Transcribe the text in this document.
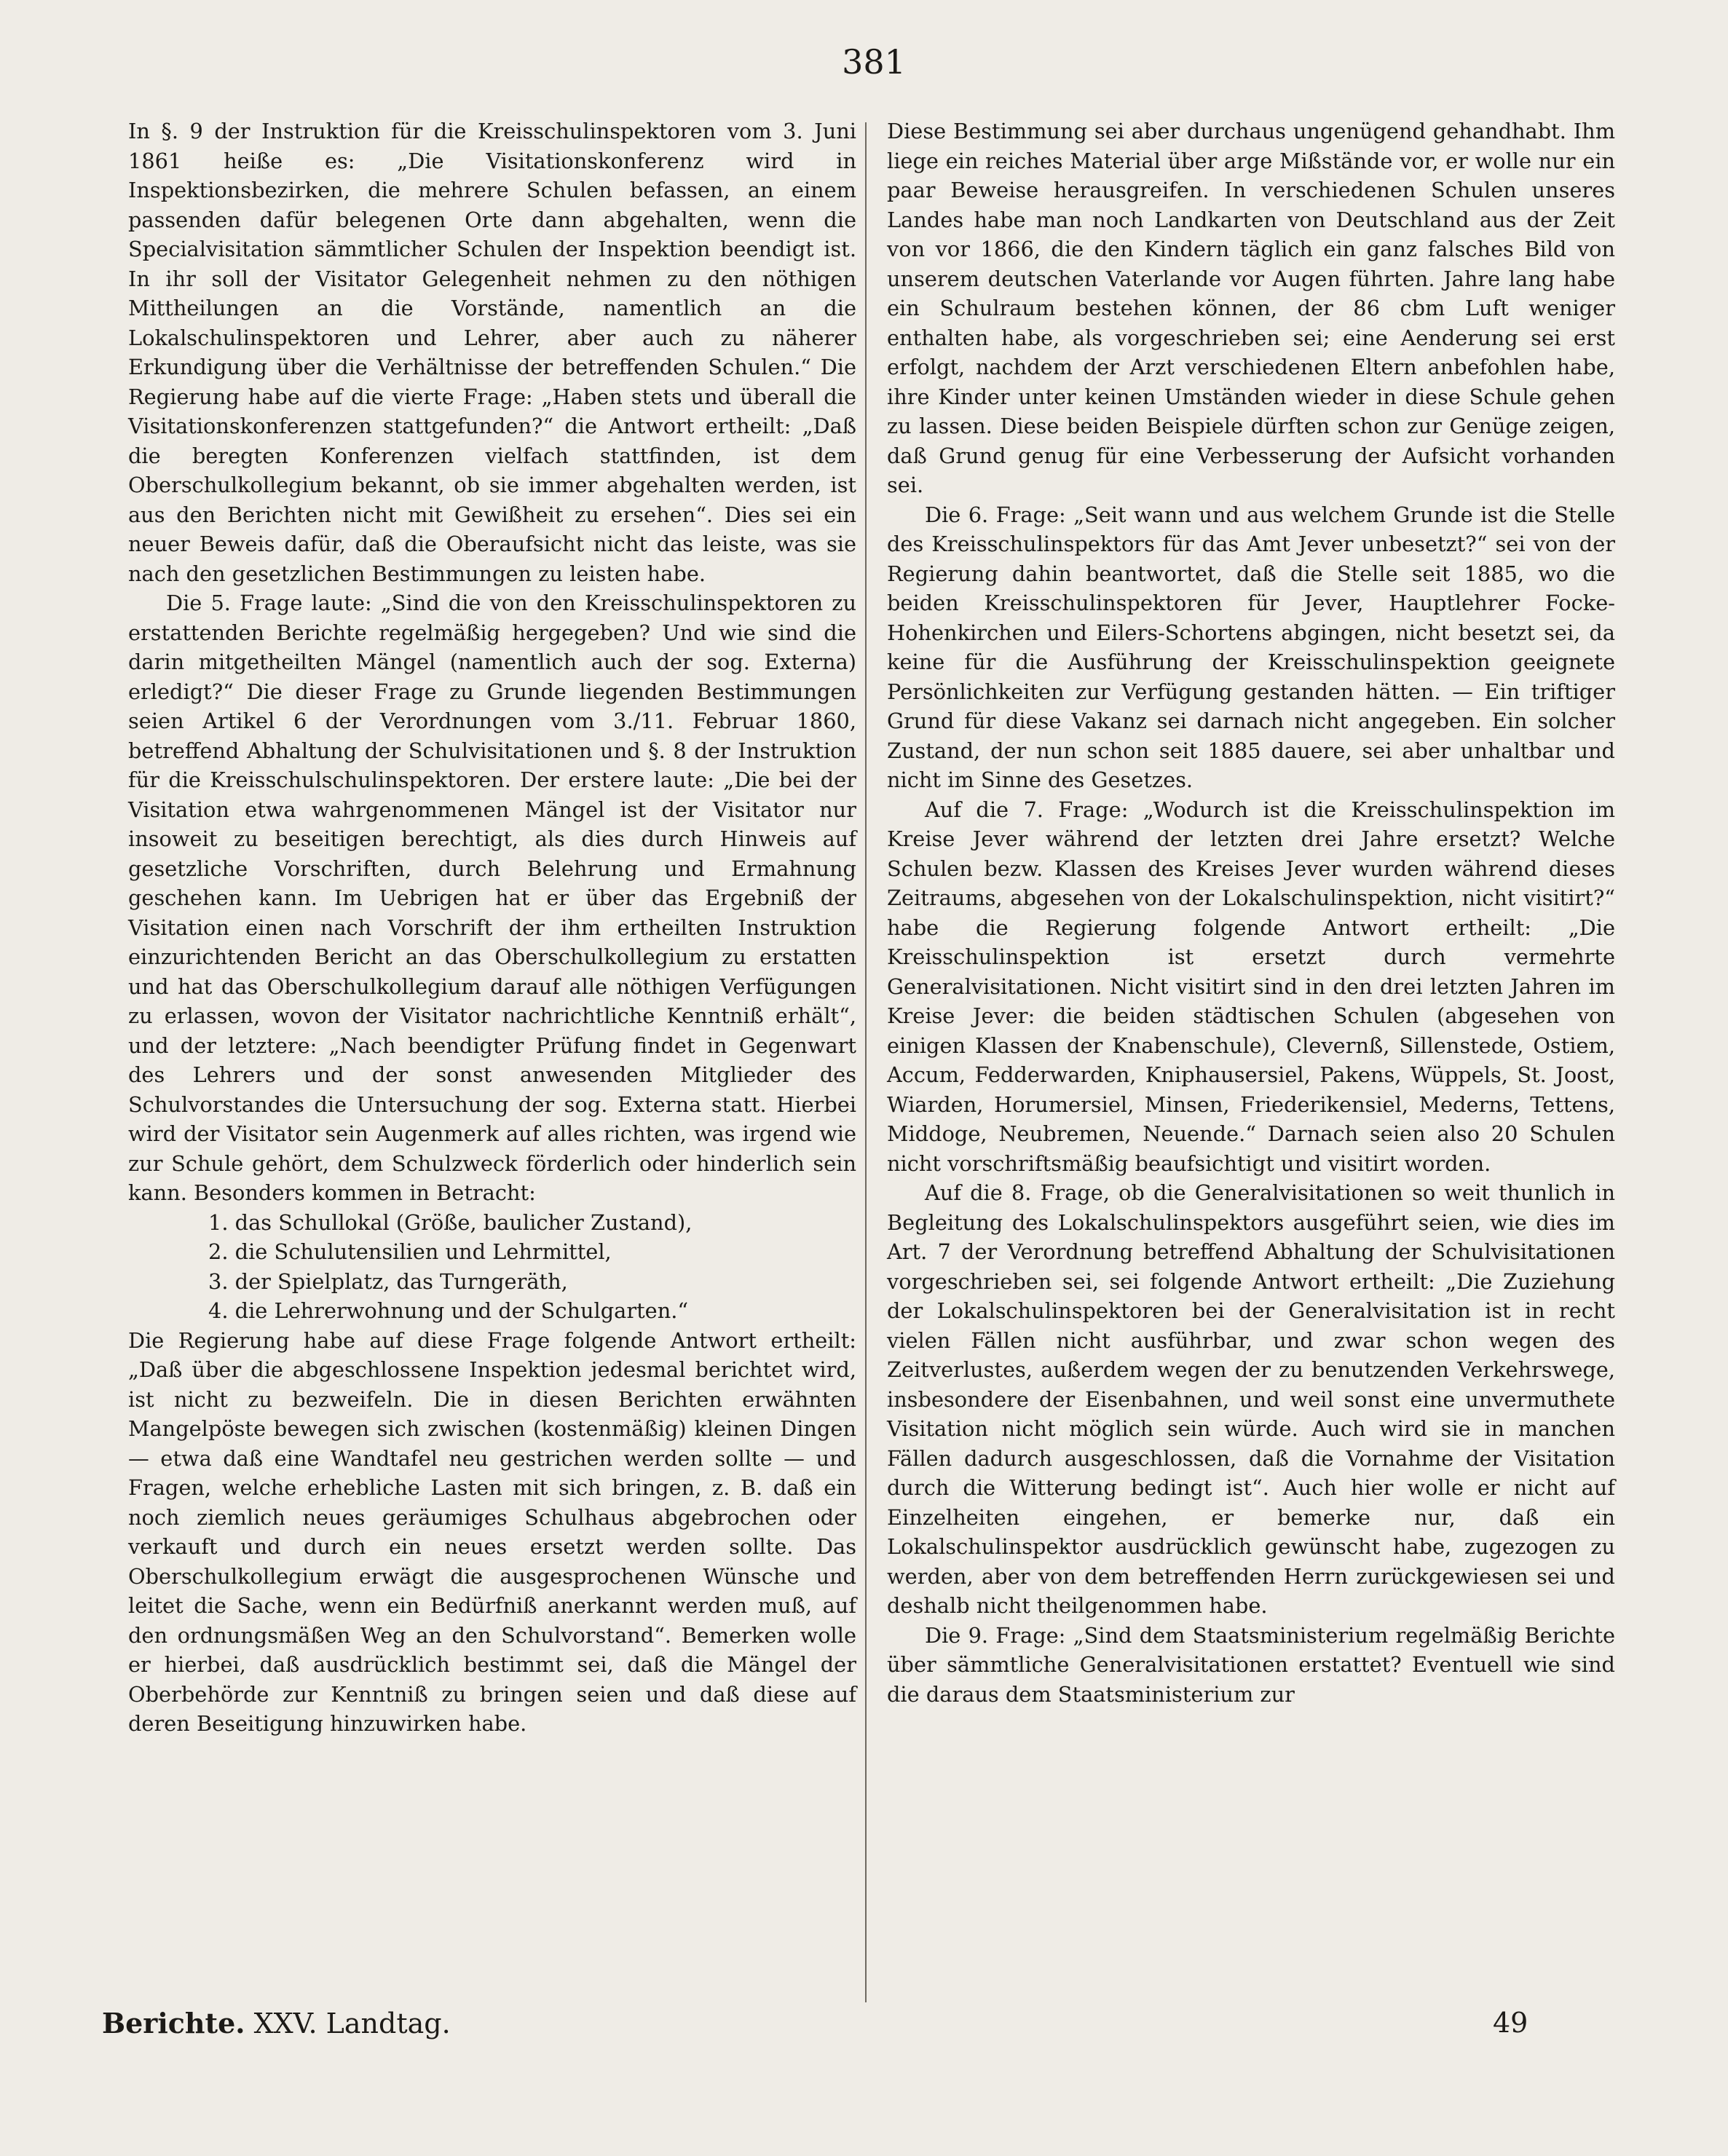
381

In §. 9 der Instruktion für die Kreisschulinspektoren vom 3. Juni 1861 heiße es: „Die Visitationskonferenz wird in Inspektionsbezirken, die mehrere Schulen befassen, an einem passenden dafür belegenen Orte dann abgehalten, wenn die Specialvisitation sämmtlicher Schulen der Inspektion beendigt ist. In ihr soll der Visitator Gelegenheit nehmen zu den nöthigen Mittheilungen an die Vorstände, namentlich an die Lokalschulinspektoren und Lehrer, aber auch zu näherer Erkundigung über die Verhältnisse der betreffenden Schulen.“ Die Regierung habe auf die vierte Frage: „Haben stets und überall die Visitationskonferenzen stattgefunden?“ die Antwort ertheilt: „Daß die beregten Konferenzen vielfach stattfinden, ist dem Oberschulkollegium bekannt, ob sie immer abgehalten werden, ist aus den Berichten nicht mit Gewißheit zu ersehen“. Dies sei ein neuer Beweis dafür, daß die Oberaufsicht nicht das leiste, was sie nach den gesetzlichen Bestimmungen zu leisten habe.

Die 5. Frage laute: „Sind die von den Kreisschulinspektoren zu erstattenden Berichte regelmäßig hergegeben? Und wie sind die darin mitgetheilten Mängel (namentlich auch der sog. Externa) erledigt?“ Die dieser Frage zu Grunde liegenden Bestimmungen seien Artikel 6 der Verordnungen vom 3./11. Februar 1860, betreffend Abhaltung der Schulvisitationen und §. 8 der Instruktion für die Kreisschulschulinspektoren. Der erstere laute: „Die bei der Visitation etwa wahrgenommenen Mängel ist der Visitator nur insoweit zu beseitigen berechtigt, als dies durch Hinweis auf gesetzliche Vorschriften, durch Belehrung und Ermahnung geschehen kann. Im Uebrigen hat er über das Ergebniß der Visitation einen nach Vorschrift der ihm ertheilten Instruktion einzurichtenden Bericht an das Oberschulkollegium zu erstatten und hat das Oberschulkollegium darauf alle nöthigen Verfügungen zu erlassen, wovon der Visitator nachrichtliche Kenntniß erhält“, und der letztere: „Nach beendigter Prüfung findet in Gegenwart des Lehrers und der sonst anwesenden Mitglieder des Schulvorstandes die Untersuchung der sog. Externa statt. Hierbei wird der Visitator sein Augenmerk auf alles richten, was irgend wie zur Schule gehört, dem Schulzweck förderlich oder hinderlich sein kann. Besonders kommen in Betracht:

1. das Schullokal (Größe, baulicher Zustand),
2. die Schulutensilien und Lehrmittel,
3. der Spielplatz, das Turngeräth,
4. die Lehrerwohnung und der Schulgarten.“

Die Regierung habe auf diese Frage folgende Antwort ertheilt: „Daß über die abgeschlossene Inspektion jedesmal berichtet wird, ist nicht zu bezweifeln. Die in diesen Berichten erwähnten Mangelpöste bewegen sich zwischen (kostenmäßig) kleinen Dingen — etwa daß eine Wandtafel neu gestrichen werden sollte — und Fragen, welche erhebliche Lasten mit sich bringen, z. B. daß ein noch ziemlich neues geräumiges Schulhaus abgebrochen oder verkauft und durch ein neues ersetzt werden sollte. Das Oberschulkollegium erwägt die ausgesprochenen Wünsche und leitet die Sache, wenn ein Bedürfniß anerkannt werden muß, auf den ordnungsmäßen Weg an den Schulvorstand“. Bemerken wolle er hierbei, daß ausdrücklich bestimmt sei, daß die Mängel der Oberbehörde zur Kenntniß zu bringen seien und daß diese auf deren Beseitigung hinzuwirken habe.

Diese Bestimmung sei aber durchaus ungenügend gehandhabt. Ihm liege ein reiches Material über arge Mißstände vor, er wolle nur ein paar Beweise herausgreifen. In verschiedenen Schulen unseres Landes habe man noch Landkarten von Deutschland aus der Zeit von vor 1866, die den Kindern täglich ein ganz falsches Bild von unserem deutschen Vaterlande vor Augen führten. Jahre lang habe ein Schulraum bestehen können, der 86 cbm Luft weniger enthalten habe, als vorgeschrieben sei; eine Aenderung sei erst erfolgt, nachdem der Arzt verschiedenen Eltern anbefohlen habe, ihre Kinder unter keinen Umständen wieder in diese Schule gehen zu lassen. Diese beiden Beispiele dürften schon zur Genüge zeigen, daß Grund genug für eine Verbesserung der Aufsicht vorhanden sei.

Die 6. Frage: „Seit wann und aus welchem Grunde ist die Stelle des Kreisschulinspektors für das Amt Jever unbesetzt?“ sei von der Regierung dahin beantwortet, daß die Stelle seit 1885, wo die beiden Kreisschulinspektoren für Jever, Hauptlehrer Focke-Hohenkirchen und Eilers-Schortens abgingen, nicht besetzt sei, da keine für die Ausführung der Kreisschulinspektion geeignete Persönlichkeiten zur Verfügung gestanden hätten. — Ein triftiger Grund für diese Vakanz sei darnach nicht angegeben. Ein solcher Zustand, der nun schon seit 1885 dauere, sei aber unhaltbar und nicht im Sinne des Gesetzes.

Auf die 7. Frage: „Wodurch ist die Kreisschulinspektion im Kreise Jever während der letzten drei Jahre ersetzt? Welche Schulen bezw. Klassen des Kreises Jever wurden während dieses Zeitraums, abgesehen von der Lokalschulinspektion, nicht visitirt?“ habe die Regierung folgende Antwort ertheilt: „Die Kreisschulinspektion ist ersetzt durch vermehrte Generalvisitationen. Nicht visitirt sind in den drei letzten Jahren im Kreise Jever: die beiden städtischen Schulen (abgesehen von einigen Klassen der Knabenschule), Clevernß, Sillenstede, Ostiem, Accum, Fedderwarden, Kniphausersiel, Pakens, Wüppels, St. Joost, Wiarden, Horumersiel, Minsen, Friederikensiel, Mederns, Tettens, Middoge, Neubremen, Neuende.“ Darnach seien also 20 Schulen nicht vorschriftsmäßig beaufsichtigt und visitirt worden.

Auf die 8. Frage, ob die Generalvisitationen so weit thunlich in Begleitung des Lokalschulinspektors ausgeführt seien, wie dies im Art. 7 der Verordnung betreffend Abhaltung der Schulvisitationen vorgeschrieben sei, sei folgende Antwort ertheilt: „Die Zuziehung der Lokalschulinspektoren bei der Generalvisitation ist in recht vielen Fällen nicht ausführbar, und zwar schon wegen des Zeitverlustes, außerdem wegen der zu benutzenden Verkehrswege, insbesondere der Eisenbahnen, und weil sonst eine unvermuthete Visitation nicht möglich sein würde. Auch wird sie in manchen Fällen dadurch ausgeschlossen, daß die Vornahme der Visitation durch die Witterung bedingt ist“. Auch hier wolle er nicht auf Einzelheiten eingehen, er bemerke nur, daß ein Lokalschulinspektor ausdrücklich gewünscht habe, zugezogen zu werden, aber von dem betreffenden Herrn zurückgewiesen sei und deshalb nicht theilgenommen habe.

Die 9. Frage: „Sind dem Staatsministerium regelmäßig Berichte über sämmtliche Generalvisitationen erstattet? Eventuell wie sind die daraus dem Staatsministerium zur

Berichte. XXV. Landtag.	49
